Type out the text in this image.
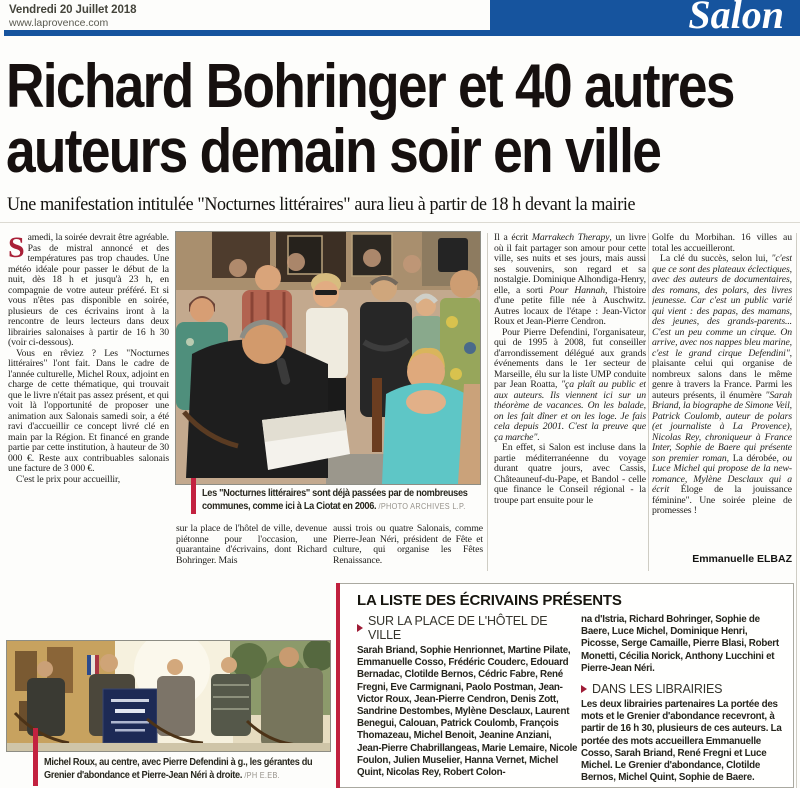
Vendredi 20 Juillet 2018
www.laprovence.com	Salon
Richard Bohringer et 40 autres
auteurs demain soir en ville
Une manifestation intitulée "Nocturnes littéraires" aura lieu à partir de 18 h devant la mairie

Samedi, la soirée devrait être agréable. Pas de mistral annoncé et des températures pas trop chaudes. Une météo idéale pour passer le début de la nuit, dès 18 h et jusqu'à 23 h, en compagnie de votre auteur préféré. Et si vous n'êtes pas disponible en soirée, plusieurs de ces écrivains iront à la rencontre de leurs lecteurs dans deux librairies salonaises à partir de 16 h 30 (voir ci-dessous).

Vous en rêviez ? Les "Nocturnes littéraires" l'ont fait. Dans le cadre de l'année culturelle, Michel Roux, adjoint en charge de cette thématique, qui trouvait que le livre n'était pas assez présent, et qui voit là l'opportunité de proposer une animation aux Salonais samedi soir, a été ravi d'accueillir ce concept livré clé en main par la Région. Et financé en grande partie par cette institution, à hauteur de 30 000 €. Reste aux contribuables salonais une facture de 3 000 €.

C'est le prix pour accueillir,

Les "Nocturnes littéraires" sont déjà passées par de nombreuses communes, comme ici à La Ciotat en 2006. /PHOTO ARCHIVES L.P.

sur la place de l'hôtel de ville, devenue piétonne pour l'occasion, une quarantaine d'écrivains, dont Richard Bohringer. Mais

aussi trois ou quatre Salonais, comme Pierre-Jean Néri, président de Fête et culture, qui organise les Fêtes Renaissance.

Il a écrit Marrakech Therapy, un livre où il fait partager son amour pour cette ville, ses nuits et ses jours, mais aussi ses souvenirs, son regard et sa nostalgie. Dominique Alhondiga-Henry, elle, a sorti Pour Hannah, l'histoire d'une petite fille née à Auschwitz. Autres locaux de l'étape : Jean-Victor Roux et Jean-Pierre Cendron.

Pour Pierre Defendini, l'organisateur, qui de 1995 à 2008, fut conseiller d'arrondissement délégué aux grands événements dans le 1er secteur de Marseille, élu sur la liste UMP conduite par Jean Roatta, "ça plaît au public et aux auteurs. Ils viennent ici sur un théorème de vacances. On les balade, on les fait dîner et on les loge. Je fais cela depuis 2001. C'est la preuve que ça marche".

En effet, si Salon est incluse dans la partie méditerranéenne du voyage durant quatre jours, avec Cassis, Châteauneuf-du-Pape, et Bandol - celle que finance le Conseil régional - la troupe part ensuite pour le

Golfe du Morbihan. 16 villes au total les accueilleront.

La clé du succès, selon lui, "c'est que ce sont des plateaux éclectiques, avec des auteurs de documentaires, des romans, des polars, des livres jeunesse. Car c'est un public varié qui vient : des papas, des mamans, des jeunes, des grands-parents... C'est un peu comme un cirque. On arrive, avec nos nappes bleu marine, c'est le grand cirque Defendini", plaisante celui qui organise de nombreux salons dans le même genre à travers la France. Parmi les auteurs présents, il énumère "Sarah Briand, la biographe de Simone Veil, Patrick Coulomb, auteur de polars (et journaliste à La Provence), Nicolas Rey, chroniqueur à France Inter, Sophie de Baere qui présente son premier roman, La dérobée, ou Luce Michel qui propose de la new-romance, Mylène Desclaux qui a écrit Éloge de la jouissance féminine". Une soirée pleine de promesses !

Emmanuelle ELBAZ
Michel Roux, au centre, avec Pierre Defendini à g., les gérantes du Grenier d'abondance et Pierre-Jean Néri à droite. /PH E.EB.
LA LISTE DES ÉCRIVAINS PRÉSENTS
SUR LA PLACE DE L'HÔTEL DE VILLE

Sarah Briand, Sophie Henrionnet, Martine Pilate, Emmanuelle Cosso, Frédéric Couderc, Edouard Bernadac, Clotilde Bernos, Cédric Fabre, René Fregni, Eve Carmignani, Paolo Postman, Jean-Victor Roux, Jean-Pierre Cendron, Denis Zott, Sandrine Destombes, Mylène Desclaux, Laurent Benegui, Calouan, Patrick Coulomb, François Thomazeau, Michel Benoit, Jeanine Anziani, Jean-Pierre Chabrillangeas, Marie Lemaire, Nicole Foulon, Julien Muselier, Hanna Vernet, Michel Quint, Nicolas Rey, Robert Colon-

na d'Istria, Richard Bohringer, Sophie de Baere, Luce Michel, Dominique Henri, Picosse, Serge Camaille, Pierre Blasi, Robert Monetti, Cécilia Norick, Anthony Lucchini et Pierre-Jean Néri.

DANS LES LIBRAIRIES

Les deux librairies partenaires La portée des mots et le Grenier d'abondance recevront, à partir de 16 h 30, plusieurs de ces auteurs. La portée des mots accueillera Emmanuelle Cosso, Sarah Briand, René Fregni et Luce Michel. Le Grenier d'abondance, Clotilde Bernos, Michel Quint, Sophie de Baere.
